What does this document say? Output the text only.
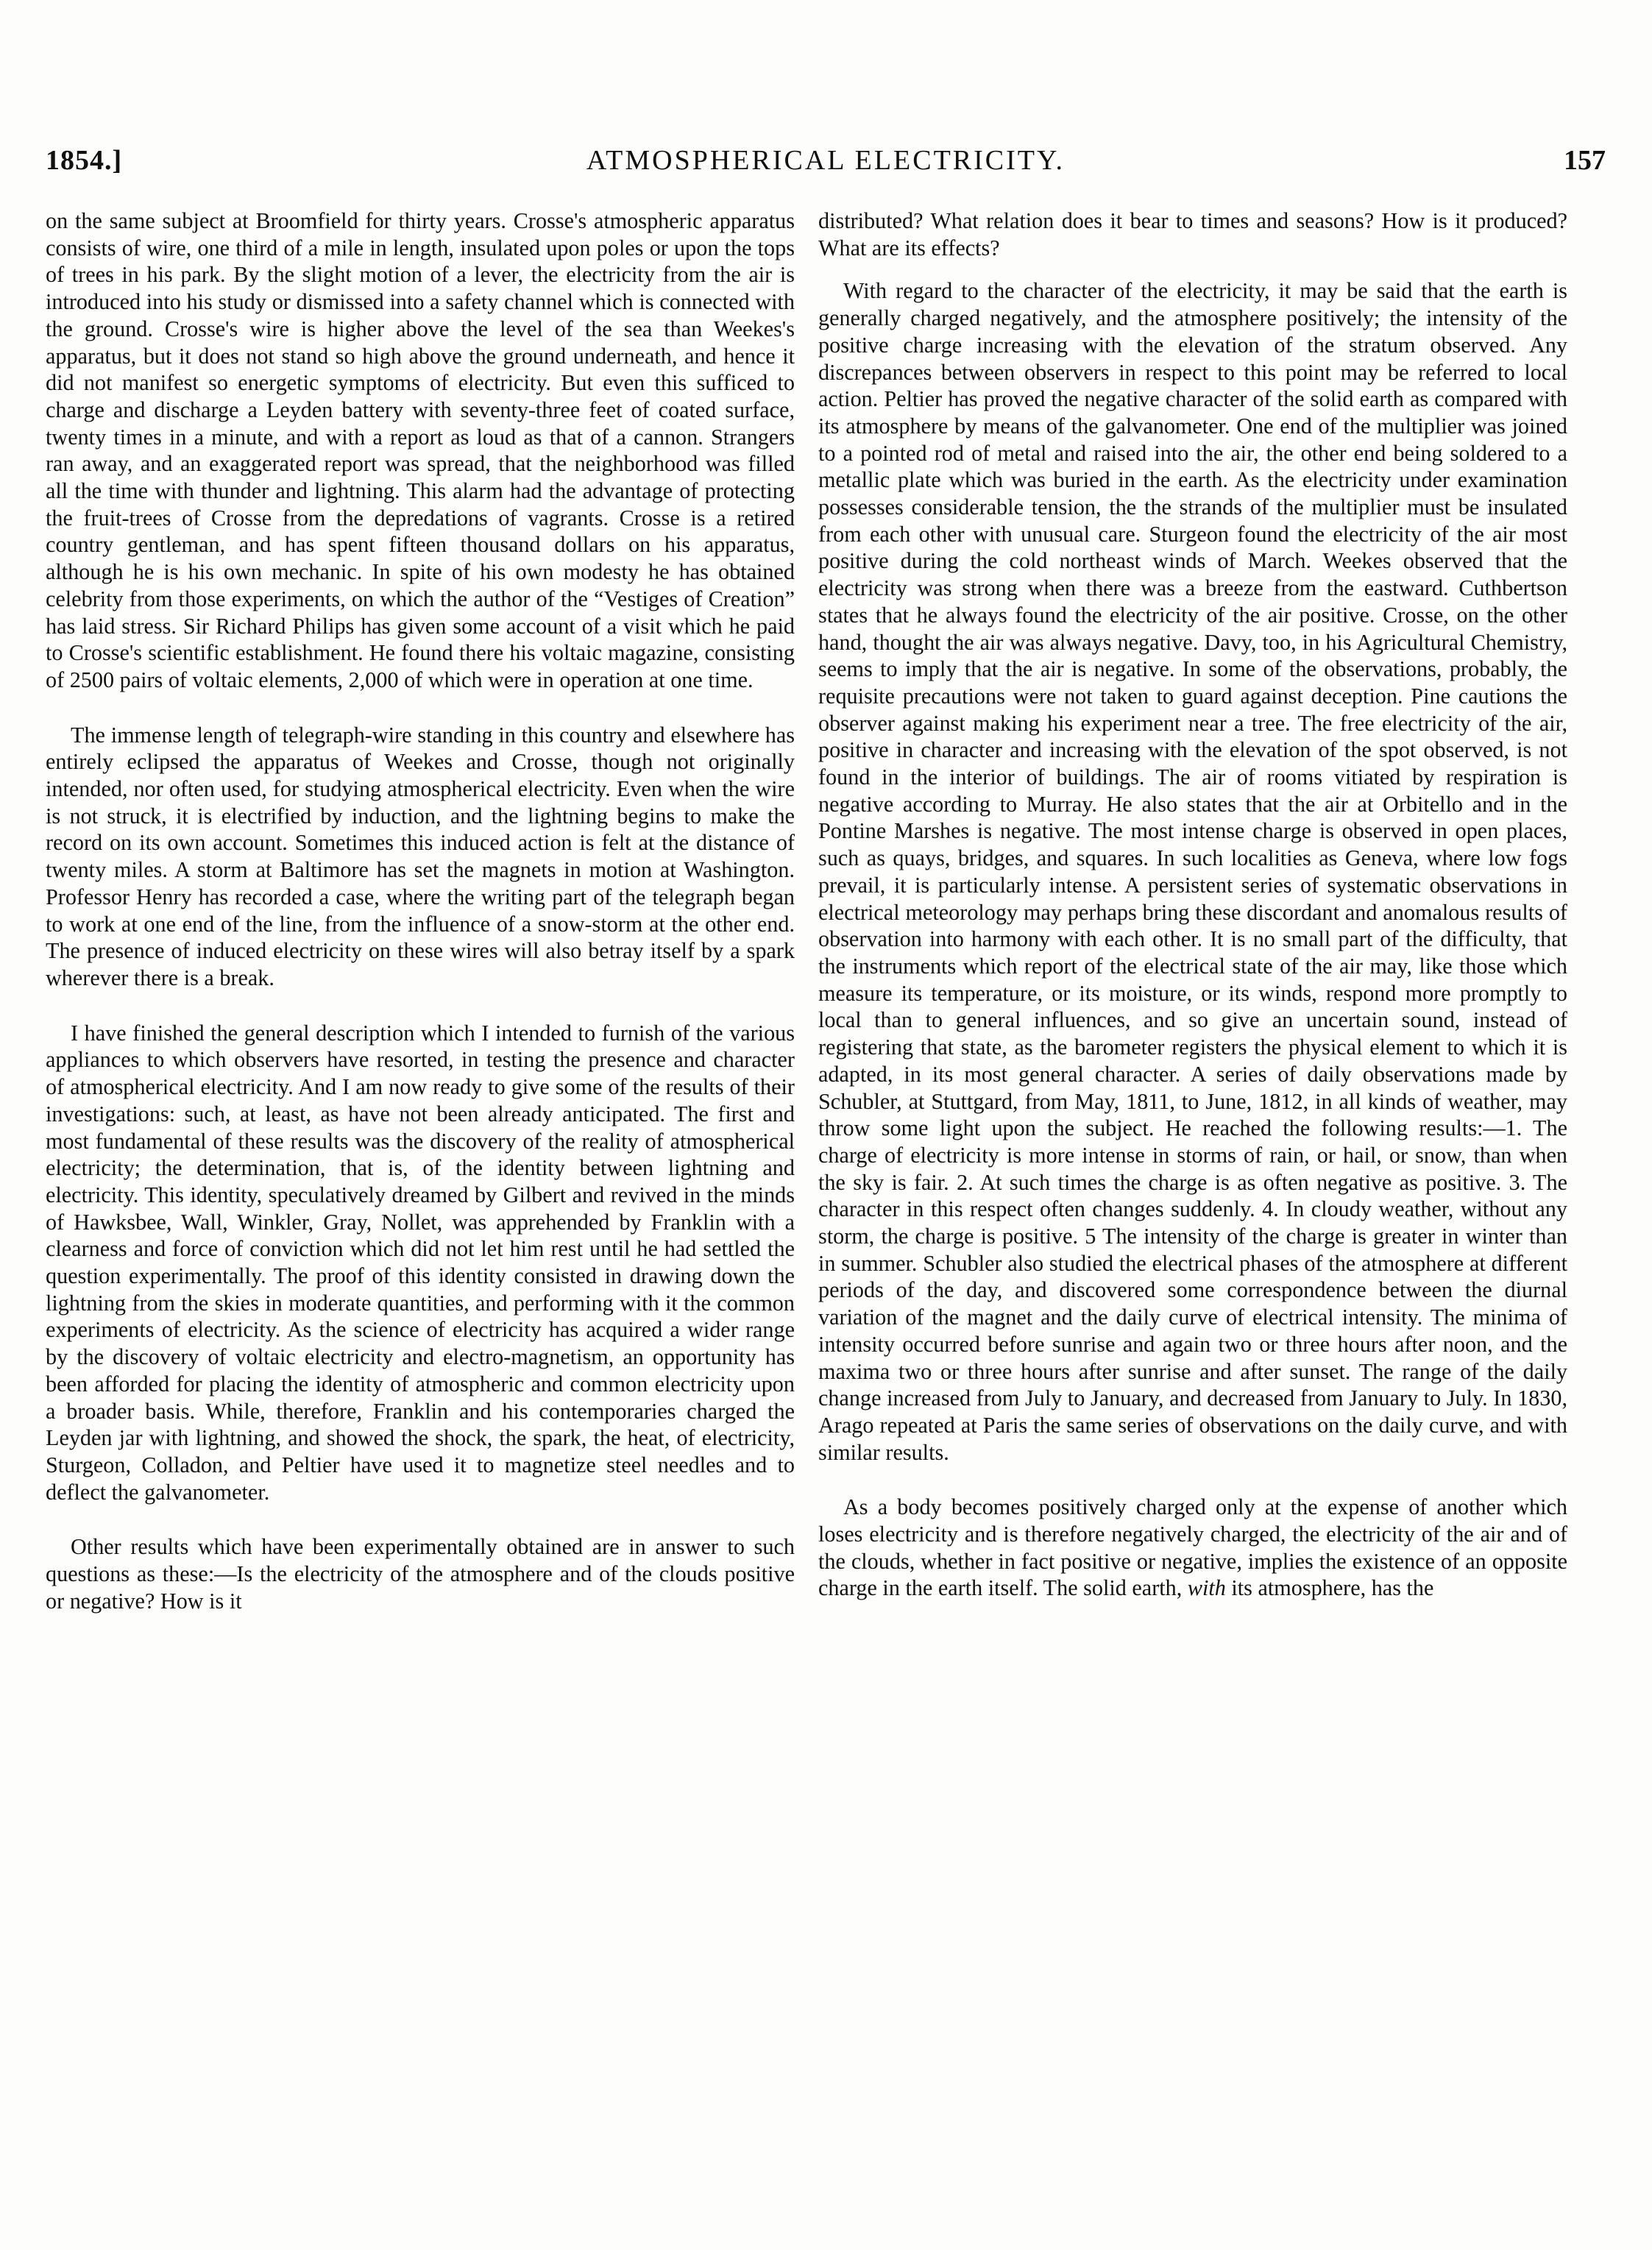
1854.]	ATMOSPHERICAL ELECTRICITY.	157

on the same subject at Broomfield for thirty years. Crosse's atmospheric apparatus consists of wire, one third of a mile in length, insulated upon poles or upon the tops of trees in his park. By the slight motion of a lever, the electricity from the air is introduced into his study or dismissed into a safety channel which is connected with the ground. Crosse's wire is higher above the level of the sea than Weekes's apparatus, but it does not stand so high above the ground underneath, and hence it did not manifest so energetic symptoms of electricity. But even this sufficed to charge and discharge a Leyden battery with seventy-three feet of coated surface, twenty times in a minute, and with a report as loud as that of a cannon. Strangers ran away, and an exaggerated report was spread, that the neighborhood was filled all the time with thunder and lightning. This alarm had the advantage of protecting the fruit-trees of Crosse from the depredations of vagrants. Crosse is a retired country gentleman, and has spent fifteen thousand dollars on his apparatus, although he is his own mechanic. In spite of his own modesty he has obtained celebrity from those experiments, on which the author of the “Vestiges of Creation” has laid stress. Sir Richard Philips has given some account of a visit which he paid to Crosse's scientific establishment. He found there his voltaic magazine, consisting of 2500 pairs of voltaic elements, 2,000 of which were in operation at one time.

The immense length of telegraph-wire standing in this country and elsewhere has entirely eclipsed the apparatus of Weekes and Crosse, though not originally intended, nor often used, for studying atmospherical electricity. Even when the wire is not struck, it is electrified by induction, and the lightning begins to make the record on its own account. Sometimes this induced action is felt at the distance of twenty miles. A storm at Baltimore has set the magnets in motion at Washington. Professor Henry has recorded a case, where the writing part of the telegraph began to work at one end of the line, from the influence of a snow-storm at the other end. The presence of induced electricity on these wires will also betray itself by a spark wherever there is a break.

I have finished the general description which I intended to furnish of the various appliances to which observers have resorted, in testing the presence and character of atmospherical electricity. And I am now ready to give some of the results of their investigations: such, at least, as have not been already anticipated. The first and most fundamental of these results was the discovery of the reality of atmospherical electricity; the determination, that is, of the identity between lightning and electricity. This identity, speculatively dreamed by Gilbert and revived in the minds of Hawksbee, Wall, Winkler, Gray, Nollet, was apprehended by Franklin with a clearness and force of conviction which did not let him rest until he had settled the question experimentally. The proof of this identity consisted in drawing down the lightning from the skies in moderate quantities, and performing with it the common experiments of electricity. As the science of electricity has acquired a wider range by the discovery of voltaic electricity and electro-magnetism, an opportunity has been afforded for placing the identity of atmospheric and common electricity upon a broader basis. While, therefore, Franklin and his contemporaries charged the Leyden jar with lightning, and showed the shock, the spark, the heat, of electricity, Sturgeon, Colladon, and Peltier have used it to magnetize steel needles and to deflect the galvanometer.

Other results which have been experimentally obtained are in answer to such questions as these:—Is the electricity of the atmosphere and of the clouds positive or negative? How is it

distributed? What relation does it bear to times and seasons? How is it produced? What are its effects?

With regard to the character of the electricity, it may be said that the earth is generally charged negatively, and the atmosphere positively; the intensity of the positive charge increasing with the elevation of the stratum observed. Any discrepances between observers in respect to this point may be referred to local action. Peltier has proved the negative character of the solid earth as compared with its atmosphere by means of the galvanometer. One end of the multiplier was joined to a pointed rod of metal and raised into the air, the other end being soldered to a metallic plate which was buried in the earth. As the electricity under examination possesses considerable tension, the the strands of the multiplier must be insulated from each other with unusual care. Sturgeon found the electricity of the air most positive during the cold northeast winds of March. Weekes observed that the electricity was strong when there was a breeze from the eastward. Cuthbertson states that he always found the electricity of the air positive. Crosse, on the other hand, thought the air was always negative. Davy, too, in his Agricultural Chemistry, seems to imply that the air is negative. In some of the observations, probably, the requisite precautions were not taken to guard against deception. Pine cautions the observer against making his experiment near a tree. The free electricity of the air, positive in character and increasing with the elevation of the spot observed, is not found in the interior of buildings. The air of rooms vitiated by respiration is negative according to Murray. He also states that the air at Orbitello and in the Pontine Marshes is negative. The most intense charge is observed in open places, such as quays, bridges, and squares. In such localities as Geneva, where low fogs prevail, it is particularly intense. A persistent series of systematic observations in electrical meteorology may perhaps bring these discordant and anomalous results of observation into harmony with each other. It is no small part of the difficulty, that the instruments which report of the electrical state of the air may, like those which measure its temperature, or its moisture, or its winds, respond more promptly to local than to general influences, and so give an uncertain sound, instead of registering that state, as the barometer registers the physical element to which it is adapted, in its most general character. A series of daily observations made by Schubler, at Stuttgard, from May, 1811, to June, 1812, in all kinds of weather, may throw some light upon the subject. He reached the following results:—1. The charge of electricity is more intense in storms of rain, or hail, or snow, than when the sky is fair. 2. At such times the charge is as often negative as positive. 3. The character in this respect often changes suddenly. 4. In cloudy weather, without any storm, the charge is positive. 5 The intensity of the charge is greater in winter than in summer. Schubler also studied the electrical phases of the atmosphere at different periods of the day, and discovered some correspondence between the diurnal variation of the magnet and the daily curve of electrical intensity. The minima of intensity occurred before sunrise and again two or three hours after noon, and the maxima two or three hours after sunrise and after sunset. The range of the daily change increased from July to January, and decreased from January to July. In 1830, Arago repeated at Paris the same series of observations on the daily curve, and with similar results.

As a body becomes positively charged only at the expense of another which loses electricity and is therefore negatively charged, the electricity of the air and of the clouds, whether in fact positive or negative, implies the existence of an opposite charge in the earth itself. The solid earth, with its atmosphere, has the
